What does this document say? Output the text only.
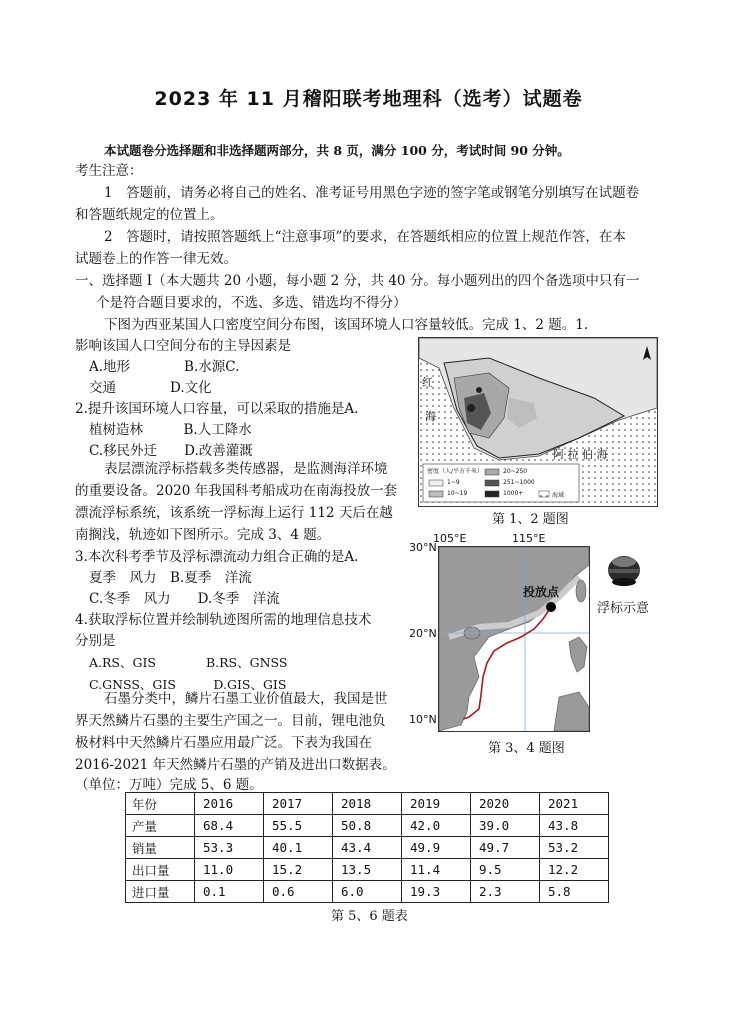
2023 年 11 月稽阳联考地理科（选考）试题卷
本试题卷分选择题和非选择题两部分，共 8 页，满分 100 分，考试时间 90 分钟。
考生注意：
1　答题前，请务必将自己的姓名、准考证号用黑色字迹的签字笔或钢笔分别填写在试题卷
和答题纸规定的位置上。
2　答题时，请按照答题纸上“注意事项”的要求，在答题纸相应的位置上规范作答，在本
试题卷上的作答一律无效。
一、选择题 I（本大题共 20 小题，每小题 2 分，共 40 分。每小题列出的四个备选项中只有一
个是符合题目要求的，不选、多选、错选均不得分）
下图为西亚某国人口密度空间分布图，该国环境人口容量较低。完成 1、2 题。1.
影响该国人口空间分布的主导因素是
A.地形　　　　B.水源C.
交通　　　　D.文化
2.提升该国环境人口容量，可以采取的措施是A.
植树造林　　　B.人工降水
C.移民外迁　　D.改善灌溉
红
海
阿 拉 伯 海
密度（人/平方千米）
1~9
10~19
20~250
251~1000
1000+	海域
第 1、2 题图
表层漂流浮标搭载多类传感器，是监测海洋环境
的重要设备。2020 年我国科考船成功在南海投放一套
漂流浮标系统，该系统一浮标海上运行 112 天后在越
南搁浅，轨迹如下图所示。完成 3、4 题。
3.本次科考季节及浮标漂流动力组合正确的是A.
夏季　风力　B.夏季　洋流
C.冬季　风力　　D.冬季　洋流
4.获取浮标位置并绘制轨迹图所需的地理信息技术
分别是
A.RS、GIS　　　　B.RS、GNSS
C.GNSS、GIS　　　D.GIS、GIS
105°E	115°E
30°N
20°N
10°N
投放点
浮标示意
第 3、4 题图
石墨分类中，鳞片石墨工业价值最大，我国是世
界天然鳞片石墨的主要生产国之一。目前，锂电池负
极材料中天然鳞片石墨应用最广泛。下表为我国在
2016-2021 年天然鳞片石墨的产销及进出口数据表。
（单位：万吨）完成 5、6 题。
年份	2016	2017	2018	2019	2020	2021
产量	68.4	55.5	50.8	42.0	39.0	43.8
销量	53.3	40.1	43.4	49.9	49.7	53.2
出口量	11.0	15.2	13.5	11.4	9.5	12.2
进口量	0.1	0.6	6.0	19.3	2.3	5.8
第 5、6 题表
